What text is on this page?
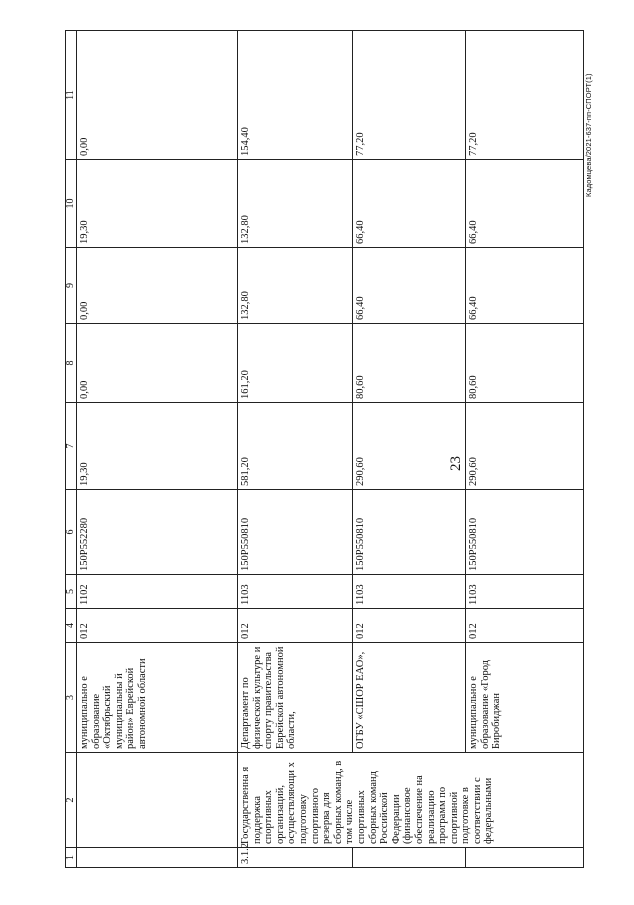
23
Кадомцева/2021-637-пп-СПОРТ(1)
1	2	3	4	5	6	7	8	9	10	11
		муниципально е образование «Октябрьский муниципальны й район» Еврейской автономной области	012	1102	150P552280	19,30	0,00	0,00	19,30	0,00
3.1.2	Государственна я поддержка спортивных организаций, осуществляющи х подготовку спортивного резерва для сборных команд, в том числе спортивных сборных команд Российской Федерации (финансовое обеспечение на реализацию программ по спортивной подготовке в соответствии с федеральными	Департамент по физической культуре и спорту правительства Еврейской автономной области,	012	1103	150P550810	581,20	161,20	132,80	132,80	154,40
		ОГБУ «СШОР ЕАО»,	012	1103	150P550810	290,60	80,60	66,40	66,40	77,20
		муниципально е образование «Город Биробиджан	012	1103	150P550810	290,60	80,60	66,40	66,40	77,20
